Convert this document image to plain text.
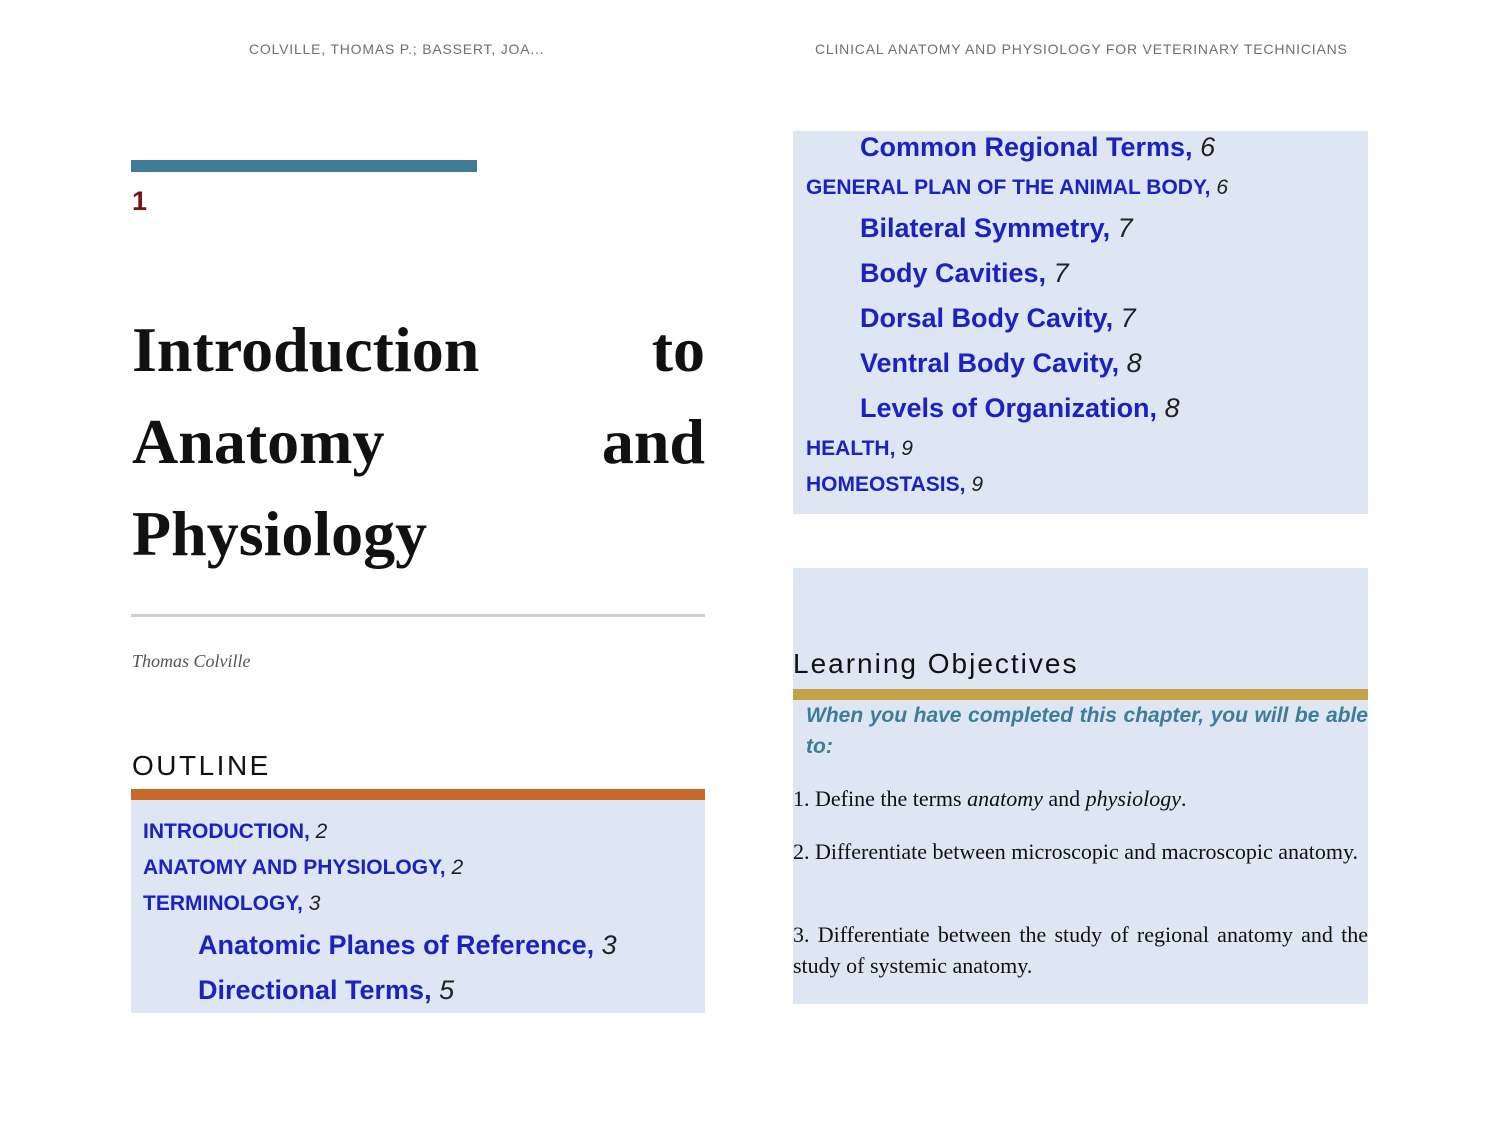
COLVILLE, THOMAS P.; BASSERT, JOA...	CLINICAL ANATOMY AND PHYSIOLOGY FOR VETERINARY TECHNICIANS
1
Introduction	to
Anatomy	and
Physiology
Thomas Colville
OUTLINE
INTRODUCTION, 2
ANATOMY AND PHYSIOLOGY, 2
TERMINOLOGY, 3
Anatomic Planes of Reference, 3
Directional Terms, 5
Common Regional Terms, 6
GENERAL PLAN OF THE ANIMAL BODY, 6
Bilateral Symmetry, 7
Body Cavities, 7
Dorsal Body Cavity, 7
Ventral Body Cavity, 8
Levels of Organization, 8
HEALTH, 9
HOMEOSTASIS, 9
Learning Objectives
When you have completed this chapter, you will be able to:
1. Define the terms anatomy and physiology.
2. Differentiate between microscopic and macroscopic anatomy.
3. Differentiate between the study of regional anatomy and the study of systemic anatomy.
